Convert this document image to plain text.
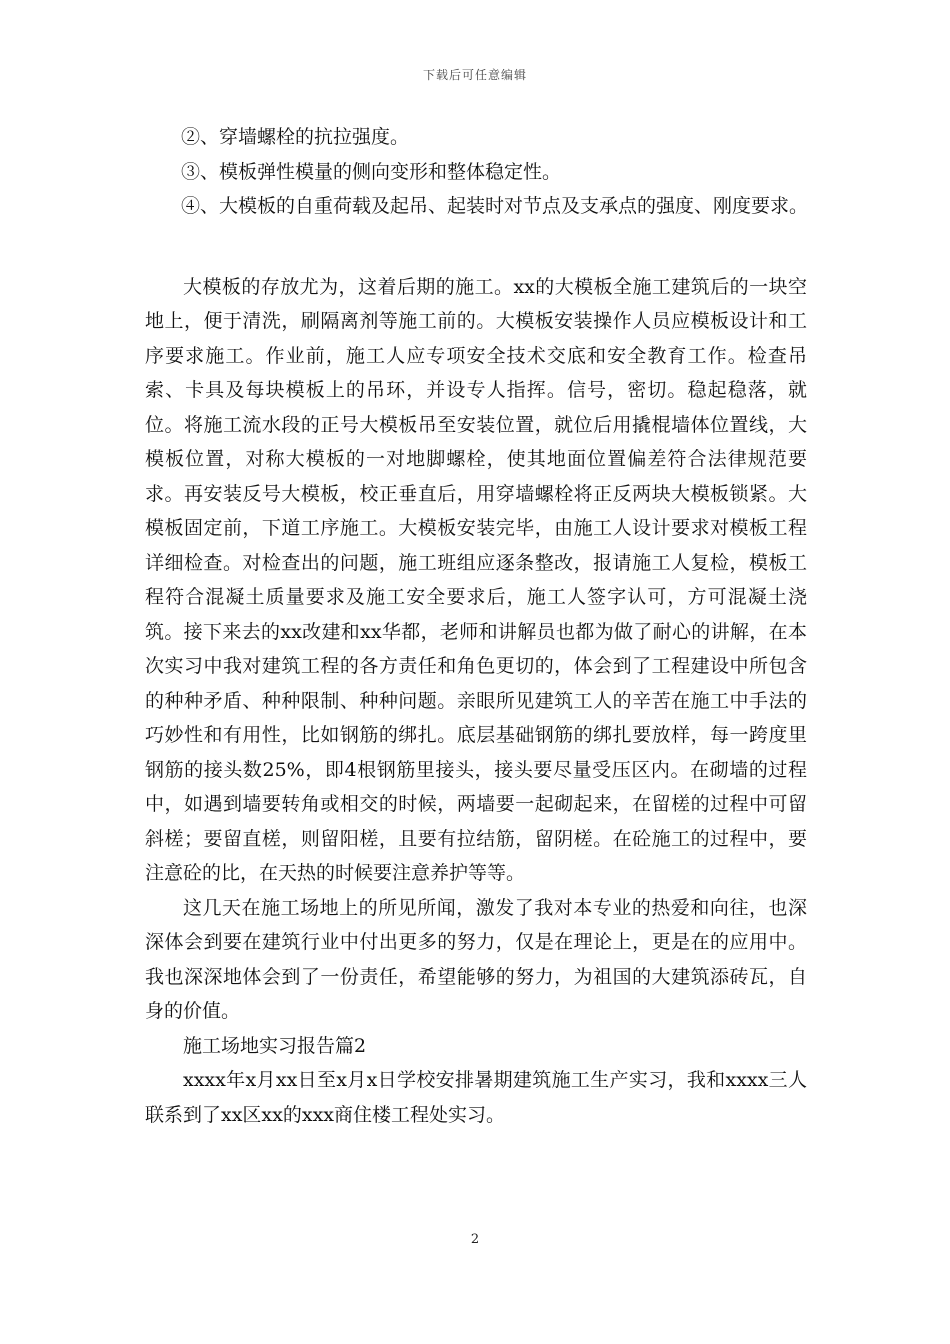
下载后可任意编辑

②、穿墙螺栓的抗拉强度。

③、模板弹性模量的侧向变形和整体稳定性。

④、大模板的自重荷载及起吊、起装时对节点及支承点的强度、刚度要求。

大模板的存放尤为，这着后期的施工。xx的大模板全施工建筑后的一块空地上，便于清洗，刷隔离剂等施工前的。大模板安装操作人员应模板设计和工序要求施工。作业前，施工人应专项安全技术交底和安全教育工作。检查吊索、卡具及每块模板上的吊环，并设专人指挥。信号，密切。稳起稳落，就位。将施工流水段的正号大模板吊至安装位置，就位后用撬棍墙体位置线，大模板位置，对称大模板的一对地脚螺栓，使其地面位置偏差符合法律规范要求。再安装反号大模板，校正垂直后，用穿墙螺栓将正反两块大模板锁紧。大模板固定前，下道工序施工。大模板安装完毕，由施工人设计要求对模板工程详细检查。对检查出的问题，施工班组应逐条整改，报请施工人复检，模板工程符合混凝土质量要求及施工安全要求后，施工人签字认可，方可混凝土浇筑。接下来去的xx改建和xx华都，老师和讲解员也都为做了耐心的讲解，在本次实习中我对建筑工程的各方责任和角色更切的，体会到了工程建设中所包含的种种矛盾、种种限制、种种问题。亲眼所见建筑工人的辛苦在施工中手法的巧妙性和有用性，比如钢筋的绑扎。底层基础钢筋的绑扎要放样，每一跨度里钢筋的接头数25%，即4根钢筋里接头，接头要尽量受压区内。在砌墙的过程中，如遇到墙要转角或相交的时候，两墙要一起砌起来，在留槎的过程中可留斜槎；要留直槎，则留阳槎，且要有拉结筋，留阴槎。在砼施工的过程中，要注意砼的比，在天热的时候要注意养护等等。

这几天在施工场地上的所见所闻，激发了我对本专业的热爱和向往，也深深体会到要在建筑行业中付出更多的努力，仅是在理论上，更是在的应用中。我也深深地体会到了一份责任，希望能够的努力，为祖国的大建筑添砖瓦，自身的价值。

施工场地实习报告篇2

xxxx年x月xx日至x月x日学校安排暑期建筑施工生产实习，我和xxxx三人联系到了xx区xx的xxx商住楼工程处实习。

2
